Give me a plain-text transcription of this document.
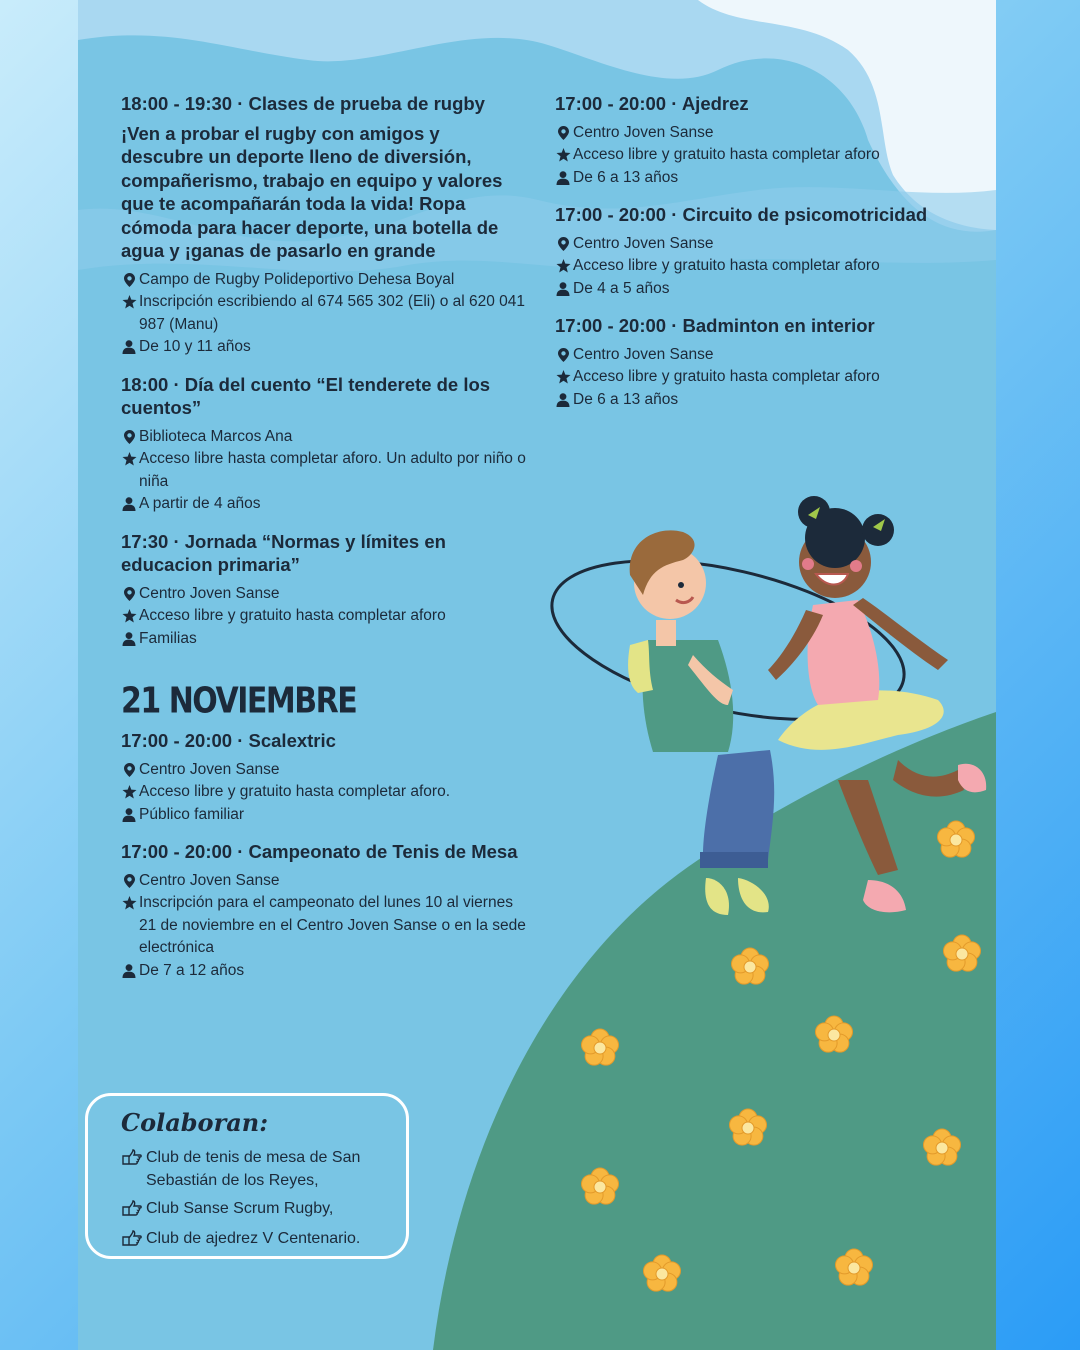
18:00 - 19:30 · Clases de prueba de rugby
¡Ven a probar el rugby con amigos y descubre un deporte lleno de diversión, compañerismo, trabajo en equipo y valores que te acompañarán toda la vida! Ropa cómoda para hacer deporte, una botella de agua y ¡ganas de pasarlo en grande
Campo de Rugby Polideportivo Dehesa Boyal
Inscripción escribiendo al 674 565 302 (Eli) o al 620 041 987 (Manu)
De 10 y 11 años
18:00 · Día del cuento “El tenderete de los cuentos”
Biblioteca Marcos Ana
Acceso libre hasta completar aforo. Un adulto por niño o niña
A partir de 4 años
17:30 · Jornada “Normas y límites en educacion primaria”
Centro Joven Sanse
Acceso libre y gratuito hasta completar aforo
Familias
21 NOVIEMBRE
17:00 - 20:00 · Scalextric
Centro Joven Sanse
Acceso libre y gratuito hasta completar aforo.
Público familiar
17:00 - 20:00 · Campeonato de Tenis de Mesa
Centro Joven Sanse
Inscripción para el campeonato del lunes 10 al viernes 21 de noviembre en el Centro Joven Sanse o en la sede electrónica
De 7 a 12 años
17:00 - 20:00 · Ajedrez
Centro Joven Sanse
Acceso libre y gratuito hasta completar aforo
De 6 a 13 años
17:00 - 20:00 · Circuito de psicomotricidad
Centro Joven Sanse
Acceso libre y gratuito hasta completar aforo
De 4 a 5 años
17:00 - 20:00 · Badminton en interior
Centro Joven Sanse
Acceso libre y gratuito hasta completar aforo
De 6 a 13 años
Colaboran:
Club de tenis de mesa de San Sebastián de los Reyes,
Club Sanse Scrum Rugby,
Club de ajedrez V Centenario.
